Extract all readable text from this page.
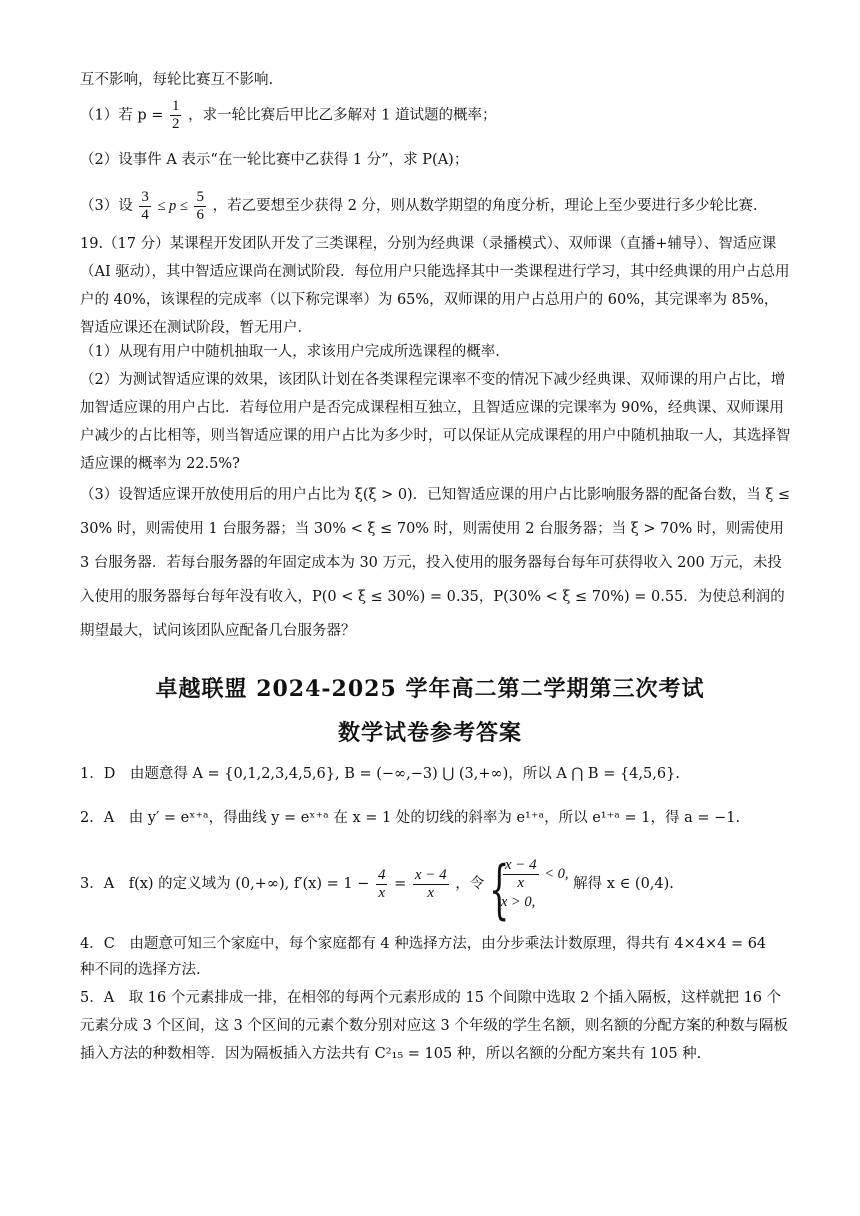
互不影响，每轮比赛互不影响.
（1）若 $p = \frac{1}{2}$ ，求一轮比赛后甲比乙多解对 1 道试题的概率；
（2）设事件 A 表示“在一轮比赛中乙获得 1 分”，求 P(A)；
（3）设 $\frac{3}{4} \le p \le \frac{5}{6}$ ，若乙要想至少获得 2 分，则从数学期望的角度分析，理论上至少要进行多少轮比赛.
19.（17 分）某课程开发团队开发了三类课程，分别为经典课（录播模式）、双师课（直播+辅导）、智适应课（AI 驱动），其中智适应课尚在测试阶段．每位用户只能选择其中一类课程进行学习，其中经典课的用户占总用户的 40%，该课程的完成率（以下称完课率）为 65%，双师课的用户占总用户的 60%，其完课率为 85%，智适应课还在测试阶段，暂无用户．
（1）从现有用户中随机抽取一人，求该用户完成所选课程的概率.
（2）为测试智适应课的效果，该团队计划在各类课程完课率不变的情况下减少经典课、双师课的用户占比，增加智适应课的用户占比．若每位用户是否完成课程相互独立，且智适应课的完课率为 90%，经典课、双师课用户减少的占比相等，则当智适应课的用户占比为多少时，可以保证从完成课程的用户中随机抽取一人，其选择智适应课的概率为 22.5%?
（3）设智适应课开放使用后的用户占比为 ξ(ξ > 0)．已知智适应课的用户占比影响服务器的配备台数，当 ξ ≤ 30% 时，则需使用 1 台服务器；当 30% < ξ ≤ 70% 时，则需使用 2 台服务器；当 ξ > 70% 时，则需使用 3 台服务器．若每台服务器的年固定成本为 30 万元，投入使用的服务器每台每年可获得收入 200 万元，未投入使用的服务器每台每年没有收入，P(0 < ξ ≤ 30%) = 0.35，P(30% < ξ ≤ 70%) = 0.55．为使总利润的期望最大，试问该团队应配备几台服务器？
卓越联盟 2024-2025 学年高二第二学期第三次考试
数学试卷参考答案
1．D　由题意得 A = {0,1,2,3,4,5,6}, B = (−∞,−3) ⋃ (3,+∞)，所以 A ⋂ B = {4,5,6}.
2．A　由 y′ = eˣ⁺ᵃ，得曲线 y = eˣ⁺ᵃ 在 x = 1 处的切线的斜率为 e¹⁺ᵃ，所以 e¹⁺ᵃ = 1，得 a = −1.
3．A　f(x) 的定义域为 (0,+∞), $f'(x) = 1 - \frac{4}{x} = \frac{x - 4}{x}$ ，令 {
$\frac{x - 4}{x} < 0$,
x > 0,
解得 x ∈ (0,4).
4．C　由题意可知三个家庭中，每个家庭都有 4 种选择方法，由分步乘法计数原理，得共有 4×4×4 = 64
种不同的选择方法.
5．A　取 16 个元素排成一排，在相邻的每两个元素形成的 15 个间隙中选取 2 个插入隔板，这样就把 16 个元素分成 3 个区间，这 3 个区间的元素个数分别对应这 3 个年级的学生名额，则名额的分配方案的种数与隔板插入方法的种数相等．因为隔板插入方法共有 C²₁₅ = 105 种，所以名额的分配方案共有 105 种.
